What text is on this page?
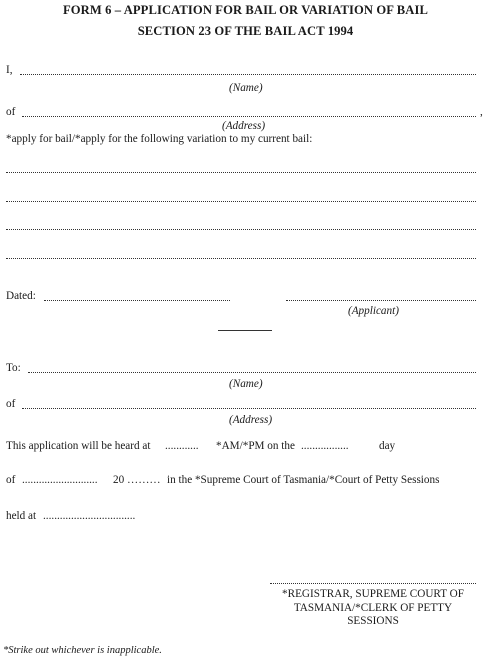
FORM 6 – APPLICATION FOR BAIL OR VARIATION OF BAIL
SECTION 23 OF THE BAIL ACT 1994
I,
(Name)
of	,
(Address)
*apply for bail/*apply for the following variation to my current bail:
Dated:
(Applicant)
To:
(Name)
of
(Address)
This application will be heard at ............ *AM/*PM on the .................	day
of ........................... 20 ……… in the *Supreme Court of Tasmania/*Court of Petty Sessions
held at .................................
*REGISTRAR, SUPREME COURT OF
TASMANIA/*CLERK OF PETTY
SESSIONS
*Strike out whichever is inapplicable.
